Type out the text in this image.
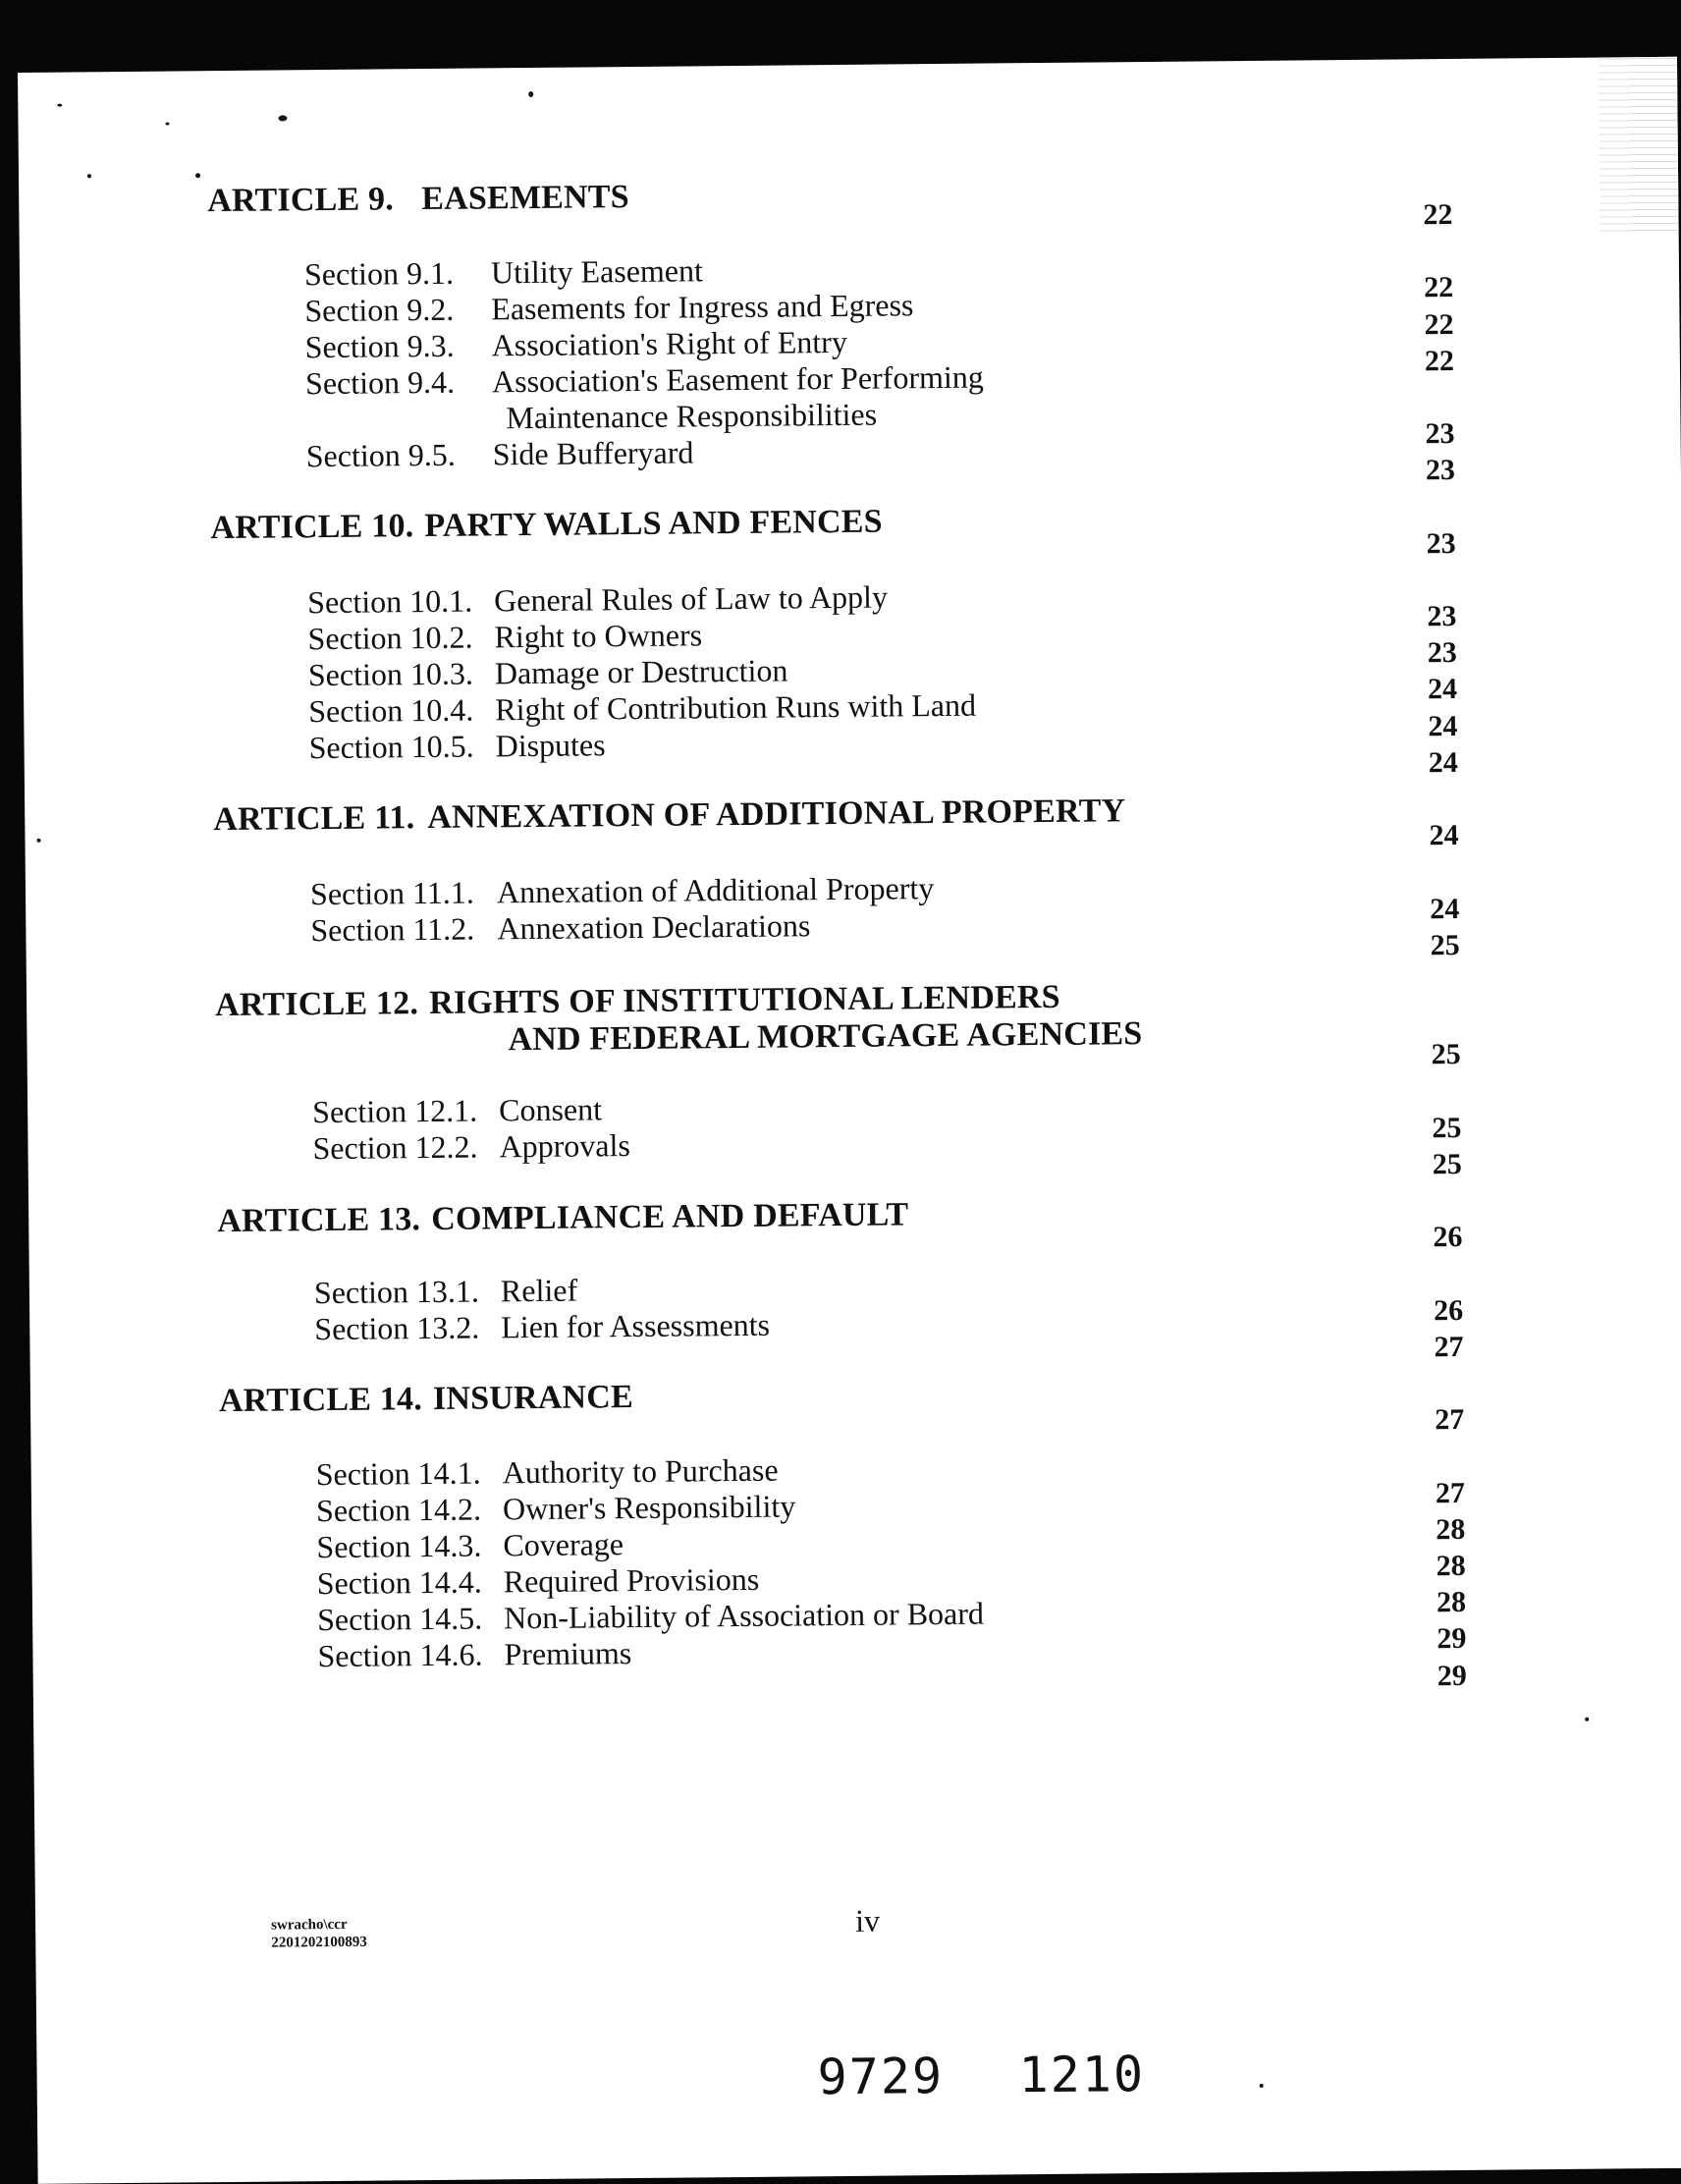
ARTICLE 9. EASEMENTS
Section 9.1. Utility Easement
Section 9.2. Easements for Ingress and Egress
Section 9.3. Association's Right of Entry
Section 9.4. Association's Easement for Performing
Maintenance Responsibilities
Section 9.5. Side Bufferyard
ARTICLE 10. PARTY WALLS AND FENCES
Section 10.1. General Rules of Law to Apply
Section 10.2. Right to Owners
Section 10.3. Damage or Destruction
Section 10.4. Right of Contribution Runs with Land
Section 10.5. Disputes
ARTICLE 11. ANNEXATION OF ADDITIONAL PROPERTY
Section 11.1. Annexation of Additional Property
Section 11.2. Annexation Declarations
ARTICLE 12. RIGHTS OF INSTITUTIONAL LENDERS
AND FEDERAL MORTGAGE AGENCIES
Section 12.1. Consent
Section 12.2. Approvals
ARTICLE 13. COMPLIANCE AND DEFAULT
Section 13.1. Relief
Section 13.2. Lien for Assessments
ARTICLE 14. INSURANCE
Section 14.1. Authority to Purchase
Section 14.2. Owner's Responsibility
Section 14.3. Coverage
Section 14.4. Required Provisions
Section 14.5. Non-Liability of Association or Board
Section 14.6. Premiums
22
22
22
22
23
23
23
23
23
24
24
24
24
24
25
25
25
25
26
26
27
27
27
28
28
28
29
29
swracho\ccr
2201202100893
iv
9729 1210
